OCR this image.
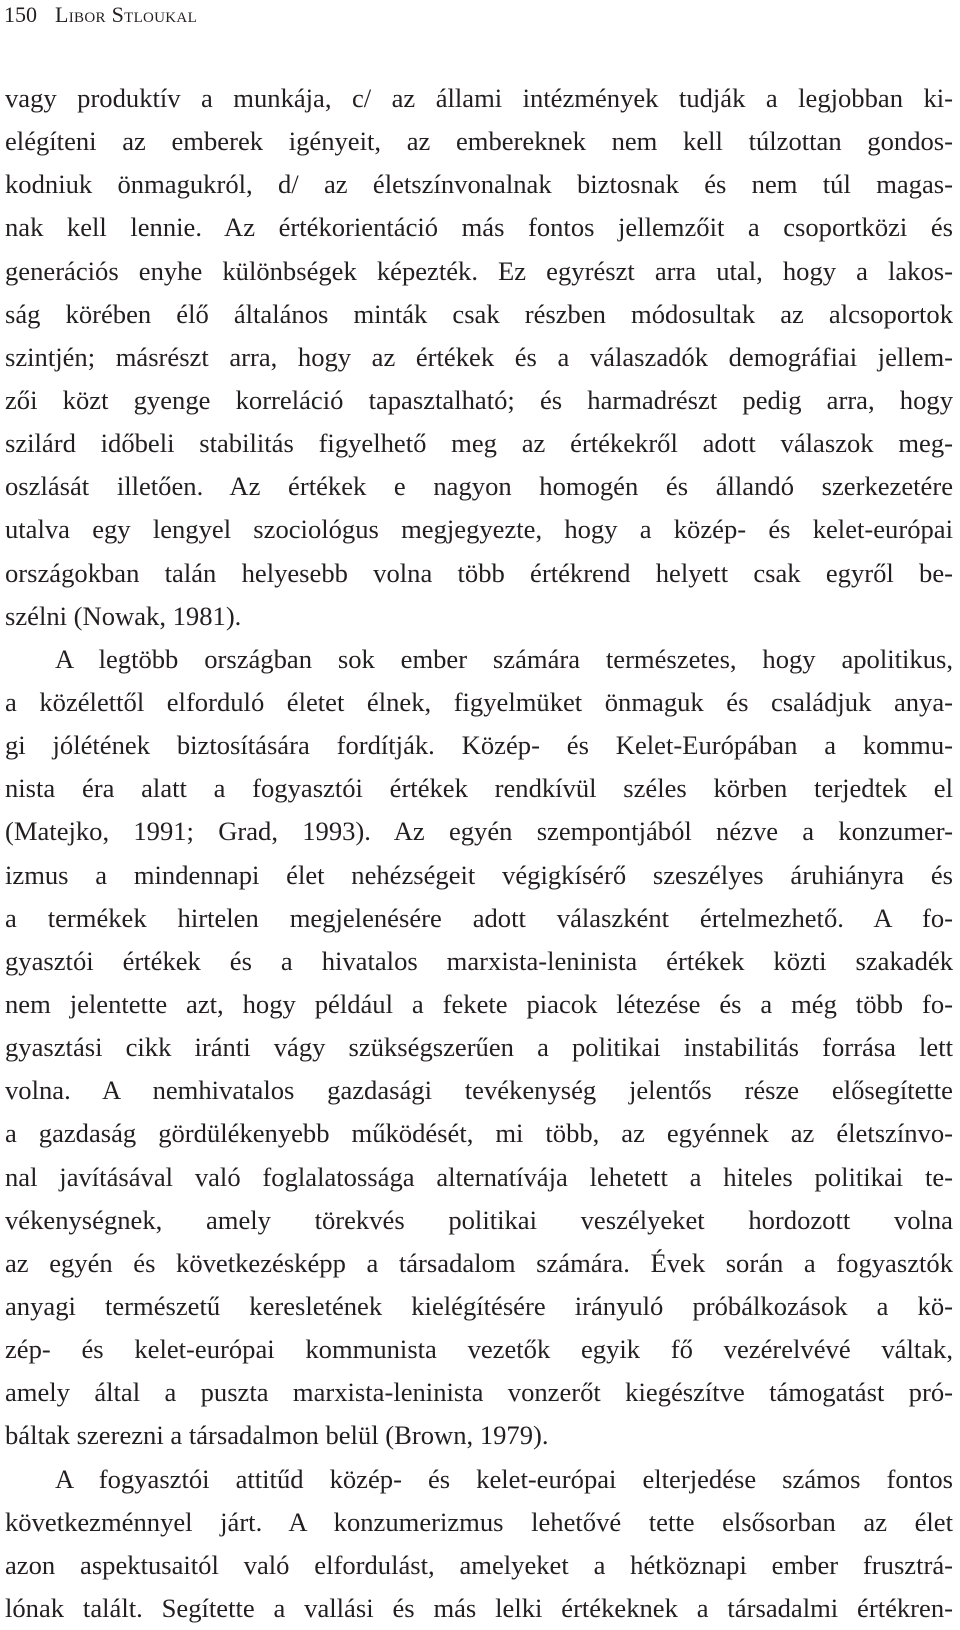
150 Libor Stloukal
vagy produktív a munkája, c/ az állami intézmények tudják a legjobban ki-
elégíteni az emberek igényeit, az embereknek nem kell túlzottan gondos-
kodniuk önmagukról, d/ az életszínvonalnak biztosnak és nem túl magas-
nak kell lennie. Az értékorientáció más fontos jellemzőit a csoportközi és
generációs enyhe különbségek képezték. Ez egyrészt arra utal, hogy a lakos-
ság körében élő általános minták csak részben módosultak az alcsoportok
szintjén; másrészt arra, hogy az értékek és a válaszadók demográfiai jellem-
zői közt gyenge korreláció tapasztalható; és harmadrészt pedig arra, hogy
szilárd időbeli stabilitás figyelhető meg az értékekről adott válaszok meg-
oszlását illetően. Az értékek e nagyon homogén és állandó szerkezetére
utalva egy lengyel szociológus megjegyezte, hogy a közép- és kelet-európai
országokban talán helyesebb volna több értékrend helyett csak egyről be-
szélni (Nowak, 1981).
A legtöbb országban sok ember számára természetes, hogy apolitikus,
a közélettől elforduló életet élnek, figyelmüket önmaguk és családjuk anya-
gi jólétének biztosítására fordítják. Közép- és Kelet-Európában a kommu-
nista éra alatt a fogyasztói értékek rendkívül széles körben terjedtek el
(Matejko, 1991; Grad, 1993). Az egyén szempontjából nézve a konzumer-
izmus a mindennapi élet nehézségeit végigkísérő szeszélyes áruhiányra és
a termékek hirtelen megjelenésére adott válaszként értelmezhető. A fo-
gyasztói értékek és a hivatalos marxista-leninista értékek közti szakadék
nem jelentette azt, hogy például a fekete piacok létezése és a még több fo-
gyasztási cikk iránti vágy szükségszerűen a politikai instabilitás forrása lett
volna. A nemhivatalos gazdasági tevékenység jelentős része elősegítette
a gazdaság gördülékenyebb működését, mi több, az egyénnek az életszínvo-
nal javításával való foglalatossága alternatívája lehetett a hiteles politikai te-
vékenységnek, amely törekvés politikai veszélyeket hordozott volna
az egyén és következésképp a társadalom számára. Évek során a fogyasztók
anyagi természetű keresletének kielégítésére irányuló próbálkozások a kö-
zép- és kelet-európai kommunista vezetők egyik fő vezérelvévé váltak,
amely által a puszta marxista-leninista vonzerőt kiegészítve támogatást pró-
báltak szerezni a társadalmon belül (Brown, 1979).
A fogyasztói attitűd közép- és kelet-európai elterjedése számos fontos
következménnyel járt. A konzumerizmus lehetővé tette elsősorban az élet
azon aspektusaitól való elfordulást, amelyeket a hétköznapi ember frusztrá-
lónak talált. Segítette a vallási és más lelki értékeknek a társadalmi értékren-
